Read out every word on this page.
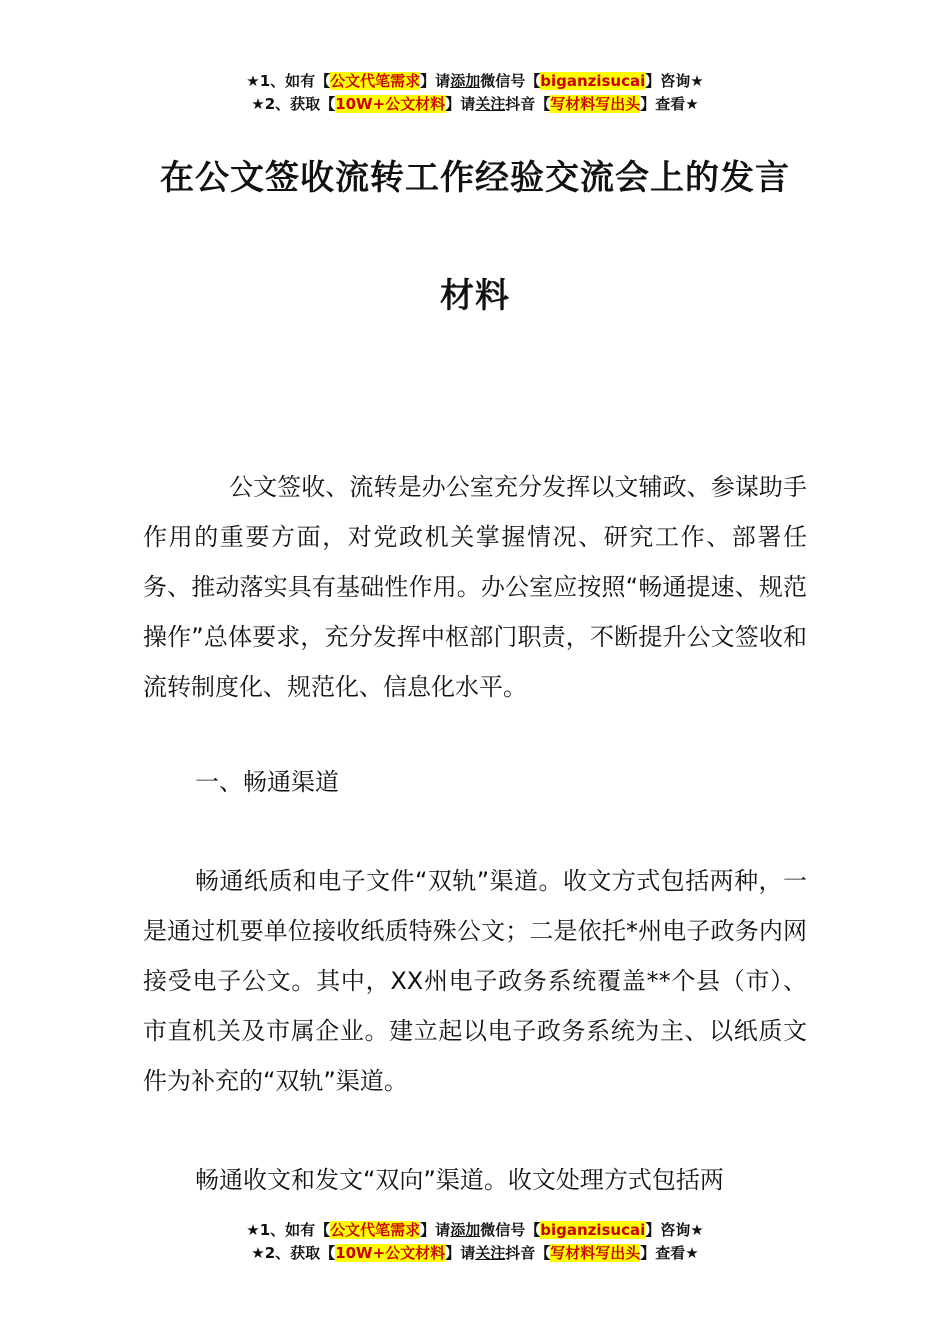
★1、如有【公文代笔需求】请添加微信号【biganzisucai】咨询★
★2、获取【10W+公文材料】请关注抖音【写材料写出头】查看★
在公文签收流转工作经验交流会上的发言
材料
公文签收、流转是办公室充分发挥以文辅政、参谋助手作用的重要方面，对党政机关掌握情况、研究工作、部署任务、推动落实具有基础性作用。办公室应按照“畅通提速、规范操作”总体要求，充分发挥中枢部门职责，不断提升公文签收和流转制度化、规范化、信息化水平。
一、畅通渠道
畅通纸质和电子文件“双轨”渠道。收文方式包括两种，一是通过机要单位接收纸质特殊公文；二是依托*州电子政务内网接受电子公文。其中，XX州电子政务系统覆盖**个县（市）、市直机关及市属企业。建立起以电子政务系统为主、以纸质文件为补充的“双轨”渠道。
畅通收文和发文“双向”渠道。收文处理方式包括两
★1、如有【公文代笔需求】请添加微信号【biganzisucai】咨询★
★2、获取【10W+公文材料】请关注抖音【写材料写出头】查看★
